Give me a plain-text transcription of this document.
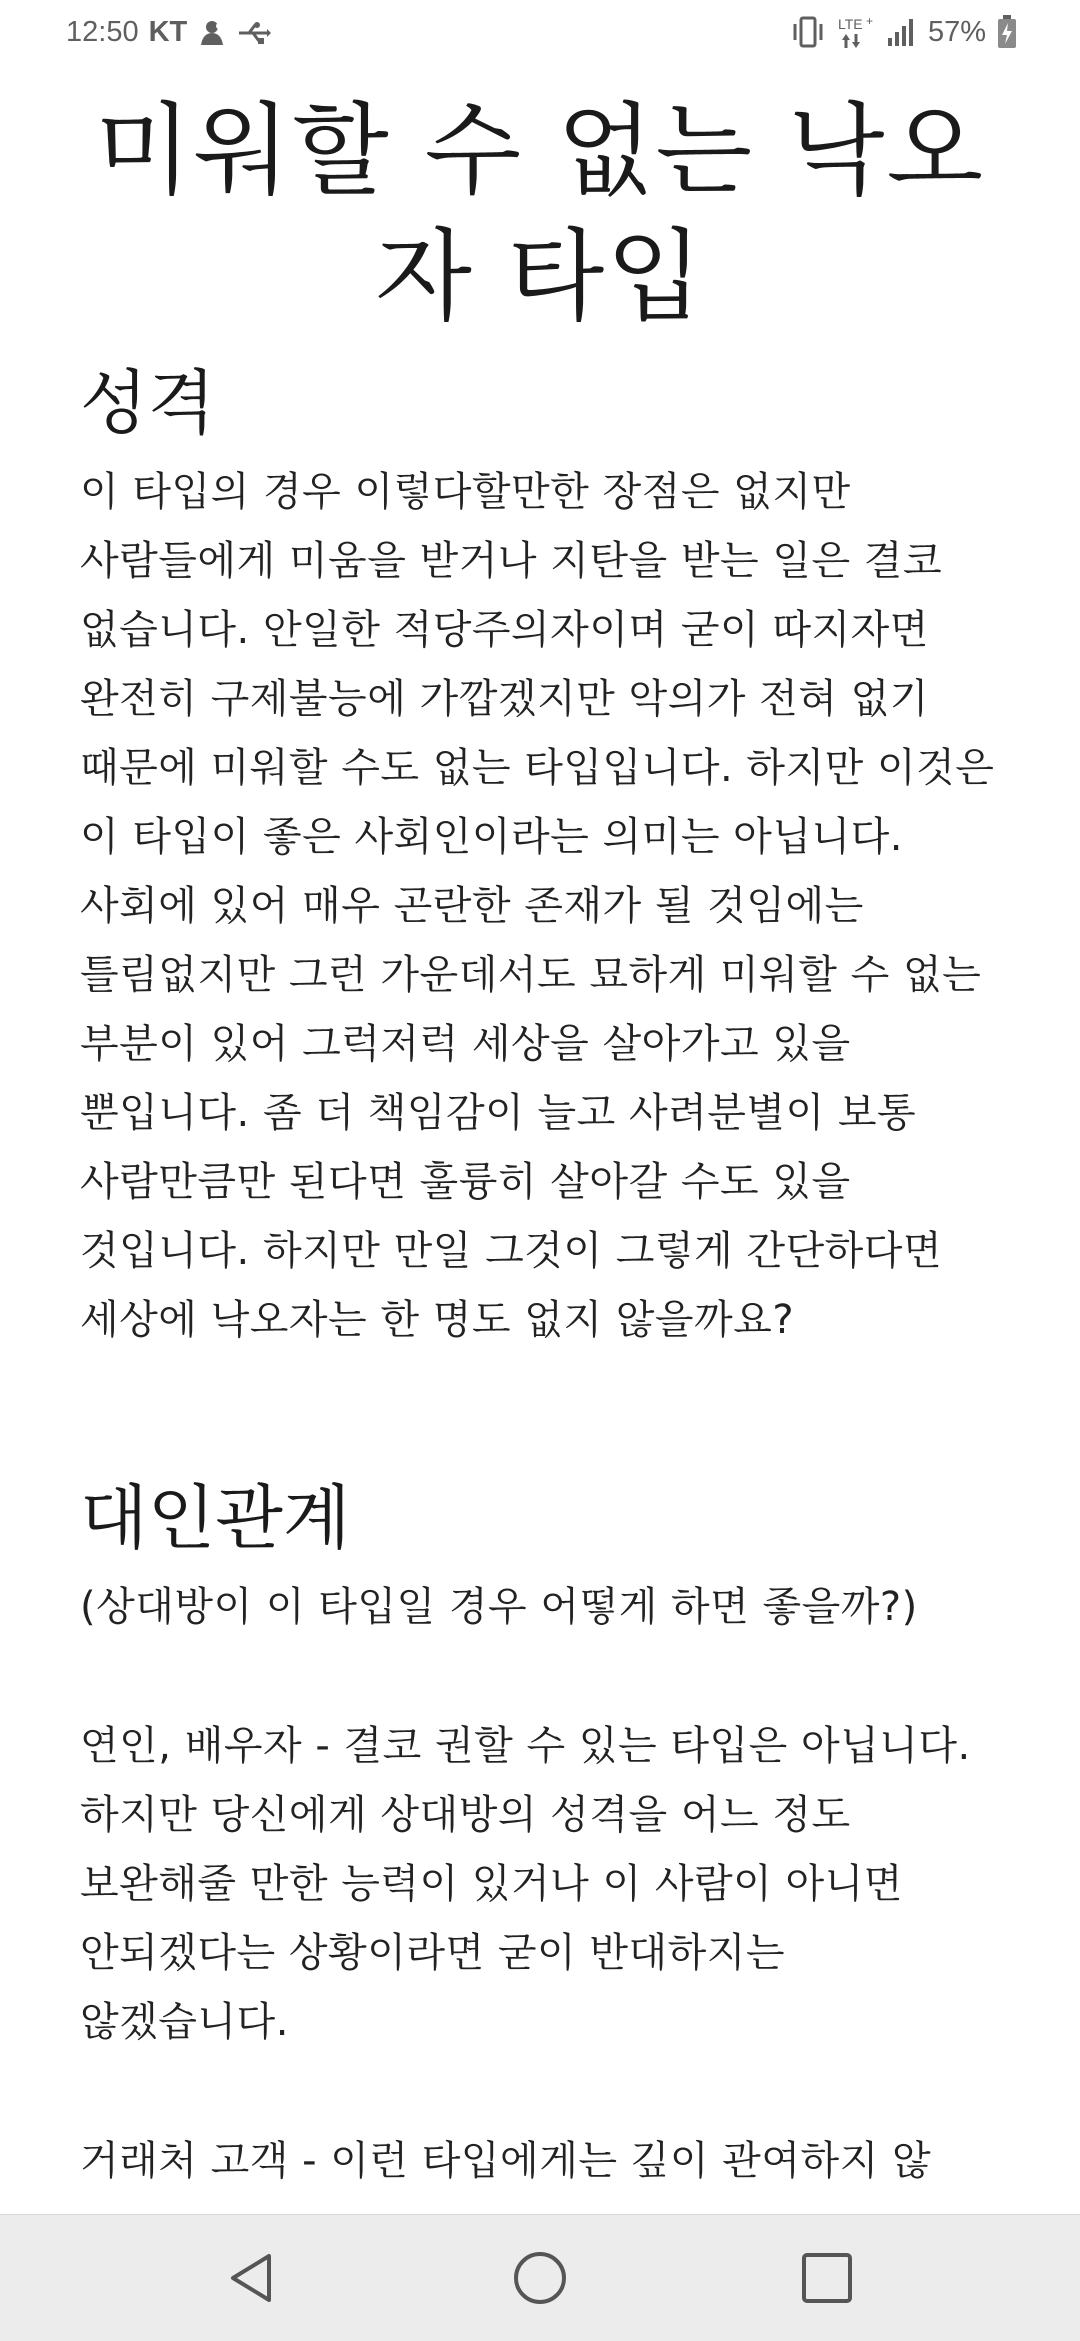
12:50 KT	LTE + 57%
미워할 수 없는 낙오자 타입
성격

이 타입의 경우 이렇다할만한 장점은 없지만 사람들에게 미움을 받거나 지탄을 받는 일은 결코 없습니다. 안일한 적당주의자이며 굳이 따지자면 완전히 구제불능에 가깝겠지만 악의가 전혀 없기 때문에 미워할 수도 없는 타입입니다. 하지만 이것은 이 타입이 좋은 사회인이라는 의미는 아닙니다. 사회에 있어 매우 곤란한 존재가 될 것임에는 틀림없지만 그런 가운데서도 묘하게 미워할 수 없는 부분이 있어 그럭저럭 세상을 살아가고 있을 뿐입니다. 좀 더 책임감이 늘고 사려분별이 보통 사람만큼만 된다면 훌륭히 살아갈 수도 있을 것입니다. 하지만 만일 그것이 그렇게 간단하다면 세상에 낙오자는 한 명도 없지 않을까요?

대인관계

(상대방이 이 타입일 경우 어떻게 하면 좋을까?)

연인, 배우자 - 결코 권할 수 있는 타입은 아닙니다. 하지만 당신에게 상대방의 성격을 어느 정도 보완해줄 만한 능력이 있거나 이 사람이 아니면 안되겠다는 상황이라면 굳이 반대하지는 않겠습니다.

거래처 고객 - 이런 타입에게는 깊이 관여하지 않
